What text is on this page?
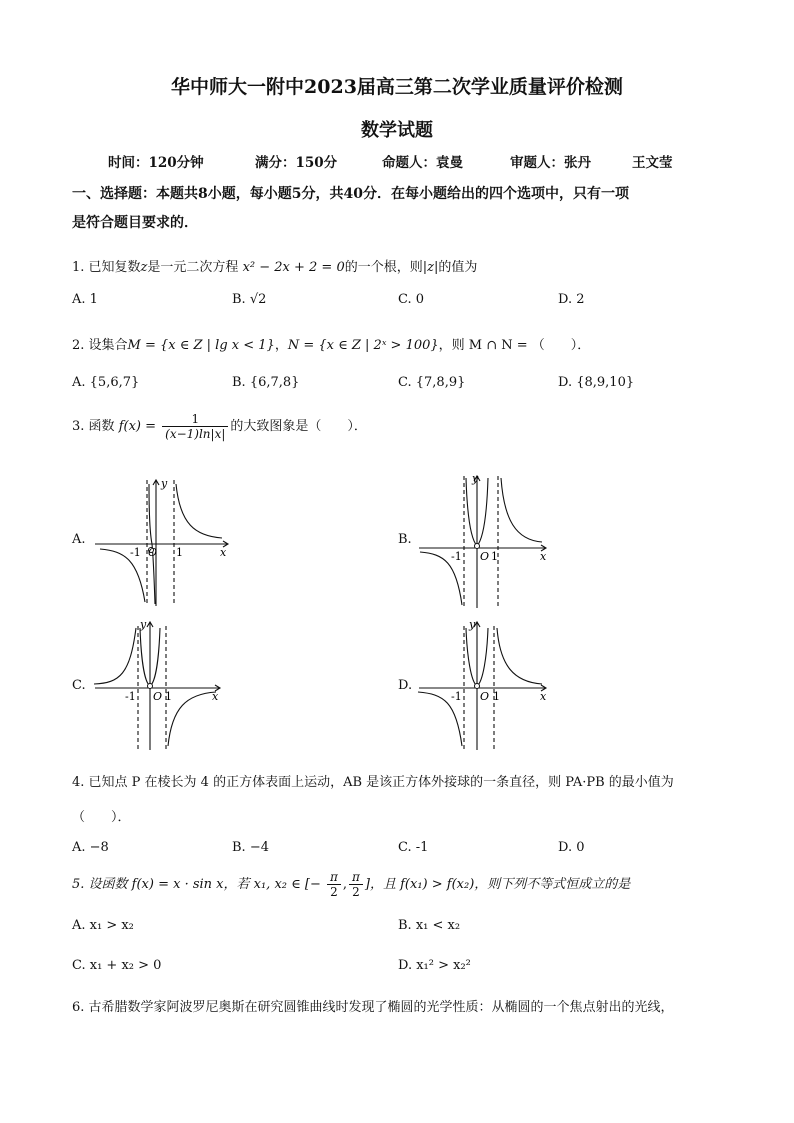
华中师大一附中2023届高三第二次学业质量评价检测
数学试题
时间：120分钟	满分：150分	命题人：袁曼	审题人：张丹	王文莹
一、选择题：本题共8小题，每小题5分，共40分．在每小题给出的四个选项中，只有一项
是符合题目要求的．
1. 已知复数z是一元二次方程 x² − 2x + 2 = 0的一个根，则|z|的值为
A. 1	B. √2	C. 0	D. 2
2. 设集合M = {x ∈ Z | lg x < 1}，N = {x ∈ Z | 2ˣ > 100}，则 M ∩ N = （　　）．
A. {5,6,7}	B. {6,7,8}	C. {7,8,9}	D. {8,9,10}
3. 函数 $f(x) = \frac{1}{(x-1)\ln|x|}$ 的大致图象是（　　）．
A.	B.
C.	D.
y
x
O
-1	1
y
x
O
-1	1
y
x
O
-1	1
y
x
O
-1	1
4. 已知点 P 在棱长为 4 的正方体表面上运动，AB 是该正方体外接球的一条直径，则 PA·PB 的最小值为
（　　）．
A. −8	B. −4	C. -1	D. 0
5. 设函数 f(x) = x · sin x，若 x₁, x₂ ∈ [− $\frac{\pi}{2}$ , $\frac{\pi}{2}$ ]，且 f(x₁) > f(x₂)，则下列不等式恒成立的是
A. x₁ > x₂	B. x₁ < x₂
C. x₁ + x₂ > 0	D. x₁² > x₂²
6. 古希腊数学家阿波罗尼奥斯在研究圆锥曲线时发现了椭圆的光学性质：从椭圆的一个焦点射出的光线，
